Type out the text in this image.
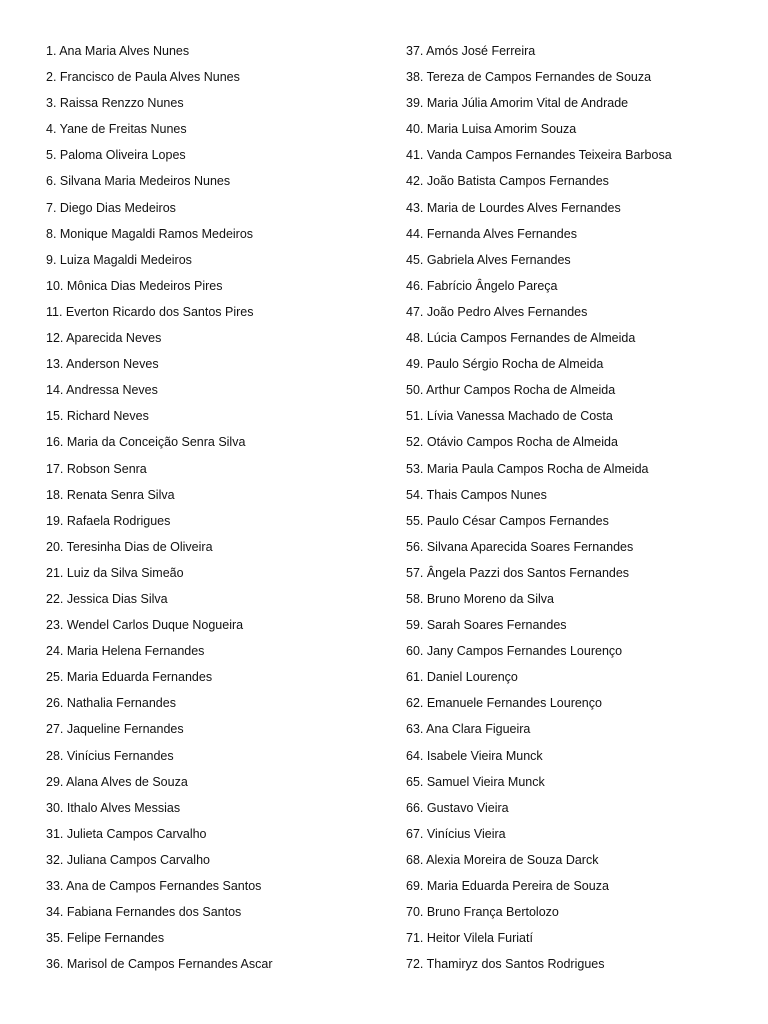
1. Ana Maria Alves Nunes
2. Francisco de Paula Alves Nunes
3. Raissa Renzzo Nunes
4. Yane de Freitas Nunes
5. Paloma Oliveira Lopes
6. Silvana Maria Medeiros Nunes
7. Diego Dias Medeiros
8. Monique Magaldi Ramos Medeiros
9. Luiza Magaldi Medeiros
10. Mônica Dias Medeiros Pires
11. Everton Ricardo dos Santos Pires
12. Aparecida Neves
13. Anderson Neves
14. Andressa Neves
15. Richard Neves
16. Maria da Conceição Senra Silva
17. Robson Senra
18. Renata Senra Silva
19. Rafaela Rodrigues
20. Teresinha Dias de Oliveira
21. Luiz da Silva Simeão
22. Jessica Dias Silva
23. Wendel Carlos Duque Nogueira
24. Maria Helena Fernandes
25. Maria Eduarda Fernandes
26. Nathalia Fernandes
27. Jaqueline Fernandes
28. Vinícius Fernandes
29. Alana Alves de Souza
30. Ithalo Alves Messias
31. Julieta Campos Carvalho
32. Juliana Campos Carvalho
33. Ana de Campos Fernandes Santos
34. Fabiana Fernandes dos Santos
35. Felipe Fernandes
36. Marisol de Campos Fernandes Ascar
37. Amós José Ferreira
38. Tereza de Campos Fernandes de Souza
39. Maria Júlia Amorim Vital de Andrade
40. Maria Luisa Amorim Souza
41. Vanda Campos Fernandes Teixeira Barbosa
42. João Batista Campos Fernandes
43. Maria de Lourdes Alves Fernandes
44. Fernanda Alves Fernandes
45. Gabriela Alves Fernandes
46. Fabrício Ângelo Pareça
47. João Pedro Alves Fernandes
48. Lúcia Campos Fernandes de Almeida
49. Paulo Sérgio Rocha de Almeida
50. Arthur Campos Rocha de Almeida
51. Lívia Vanessa Machado de Costa
52. Otávio Campos Rocha de Almeida
53. Maria Paula Campos Rocha de Almeida
54. Thais Campos Nunes
55. Paulo César Campos Fernandes
56. Silvana Aparecida Soares Fernandes
57. Ângela Pazzi dos Santos Fernandes
58. Bruno Moreno da Silva
59. Sarah Soares Fernandes
60. Jany Campos Fernandes Lourenço
61. Daniel Lourenço
62. Emanuele Fernandes Lourenço
63. Ana Clara Figueira
64. Isabele Vieira Munck
65. Samuel Vieira Munck
66. Gustavo Vieira
67. Vinícius Vieira
68. Alexia Moreira de Souza Darck
69. Maria Eduarda Pereira de Souza
70. Bruno França Bertolozo
71. Heitor Vilela Furiatí
72. Thamiryz dos Santos Rodrigues
